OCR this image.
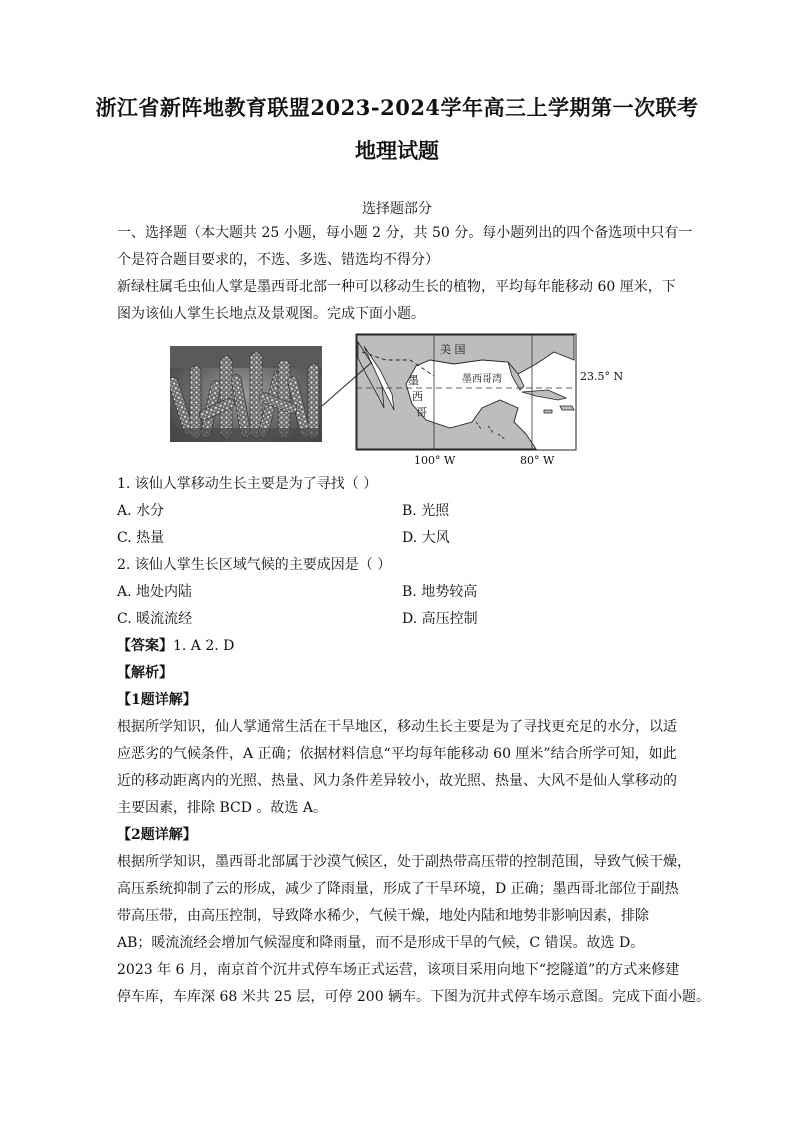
浙江省新阵地教育联盟2023-2024学年高三上学期第一次联考
地理试题
选择题部分
一、选择题（本大题共 25 小题，每小题 2 分，共 50 分。每小题列出的四个备选项中只有一
个是符合题目要求的，不选、多选、错选均不得分）
新绿柱属毛虫仙人掌是墨西哥北部一种可以移动生长的植物，平均每年能移动 60 厘米，下
图为该仙人掌生长地点及景观图。完成下面小题。
美 国
墨
西
哥
墨西哥湾	23.5° N
100° W	80° W
1. 该仙人掌移动生长主要是为了寻找（ ）
A. 水分	B. 光照
C. 热量	D. 大风
2. 该仙人掌生长区域气候的主要成因是（ ）
A. 地处内陆	B. 地势较高
C. 暖流流经	D. 高压控制
【答案】1. A 2. D
【解析】
【1题详解】
根据所学知识，仙人掌通常生活在干旱地区，移动生长主要是为了寻找更充足的水分，以适
应恶劣的气候条件，A 正确；依据材料信息“平均每年能移动 60 厘米”结合所学可知，如此
近的移动距离内的光照、热量、风力条件差异较小，故光照、热量、大风不是仙人掌移动的
主要因素，排除 BCD 。故选 A。
【2题详解】
根据所学知识，墨西哥北部属于沙漠气候区，处于副热带高压带的控制范围，导致气候干燥，
高压系统抑制了云的形成，减少了降雨量，形成了干旱环境，D 正确；墨西哥北部位于副热
带高压带，由高压控制，导致降水稀少，气候干燥，地处内陆和地势非影响因素，排除
AB；暖流流经会增加气候湿度和降雨量，而不是形成干旱的气候，C 错误。故选 D。
2023 年 6 月，南京首个沉井式停车场正式运营，该项目采用向地下“挖隧道”的方式来修建
停车库，车库深 68 米共 25 层，可停 200 辆车。下图为沉井式停车场示意图。完成下面小题。
